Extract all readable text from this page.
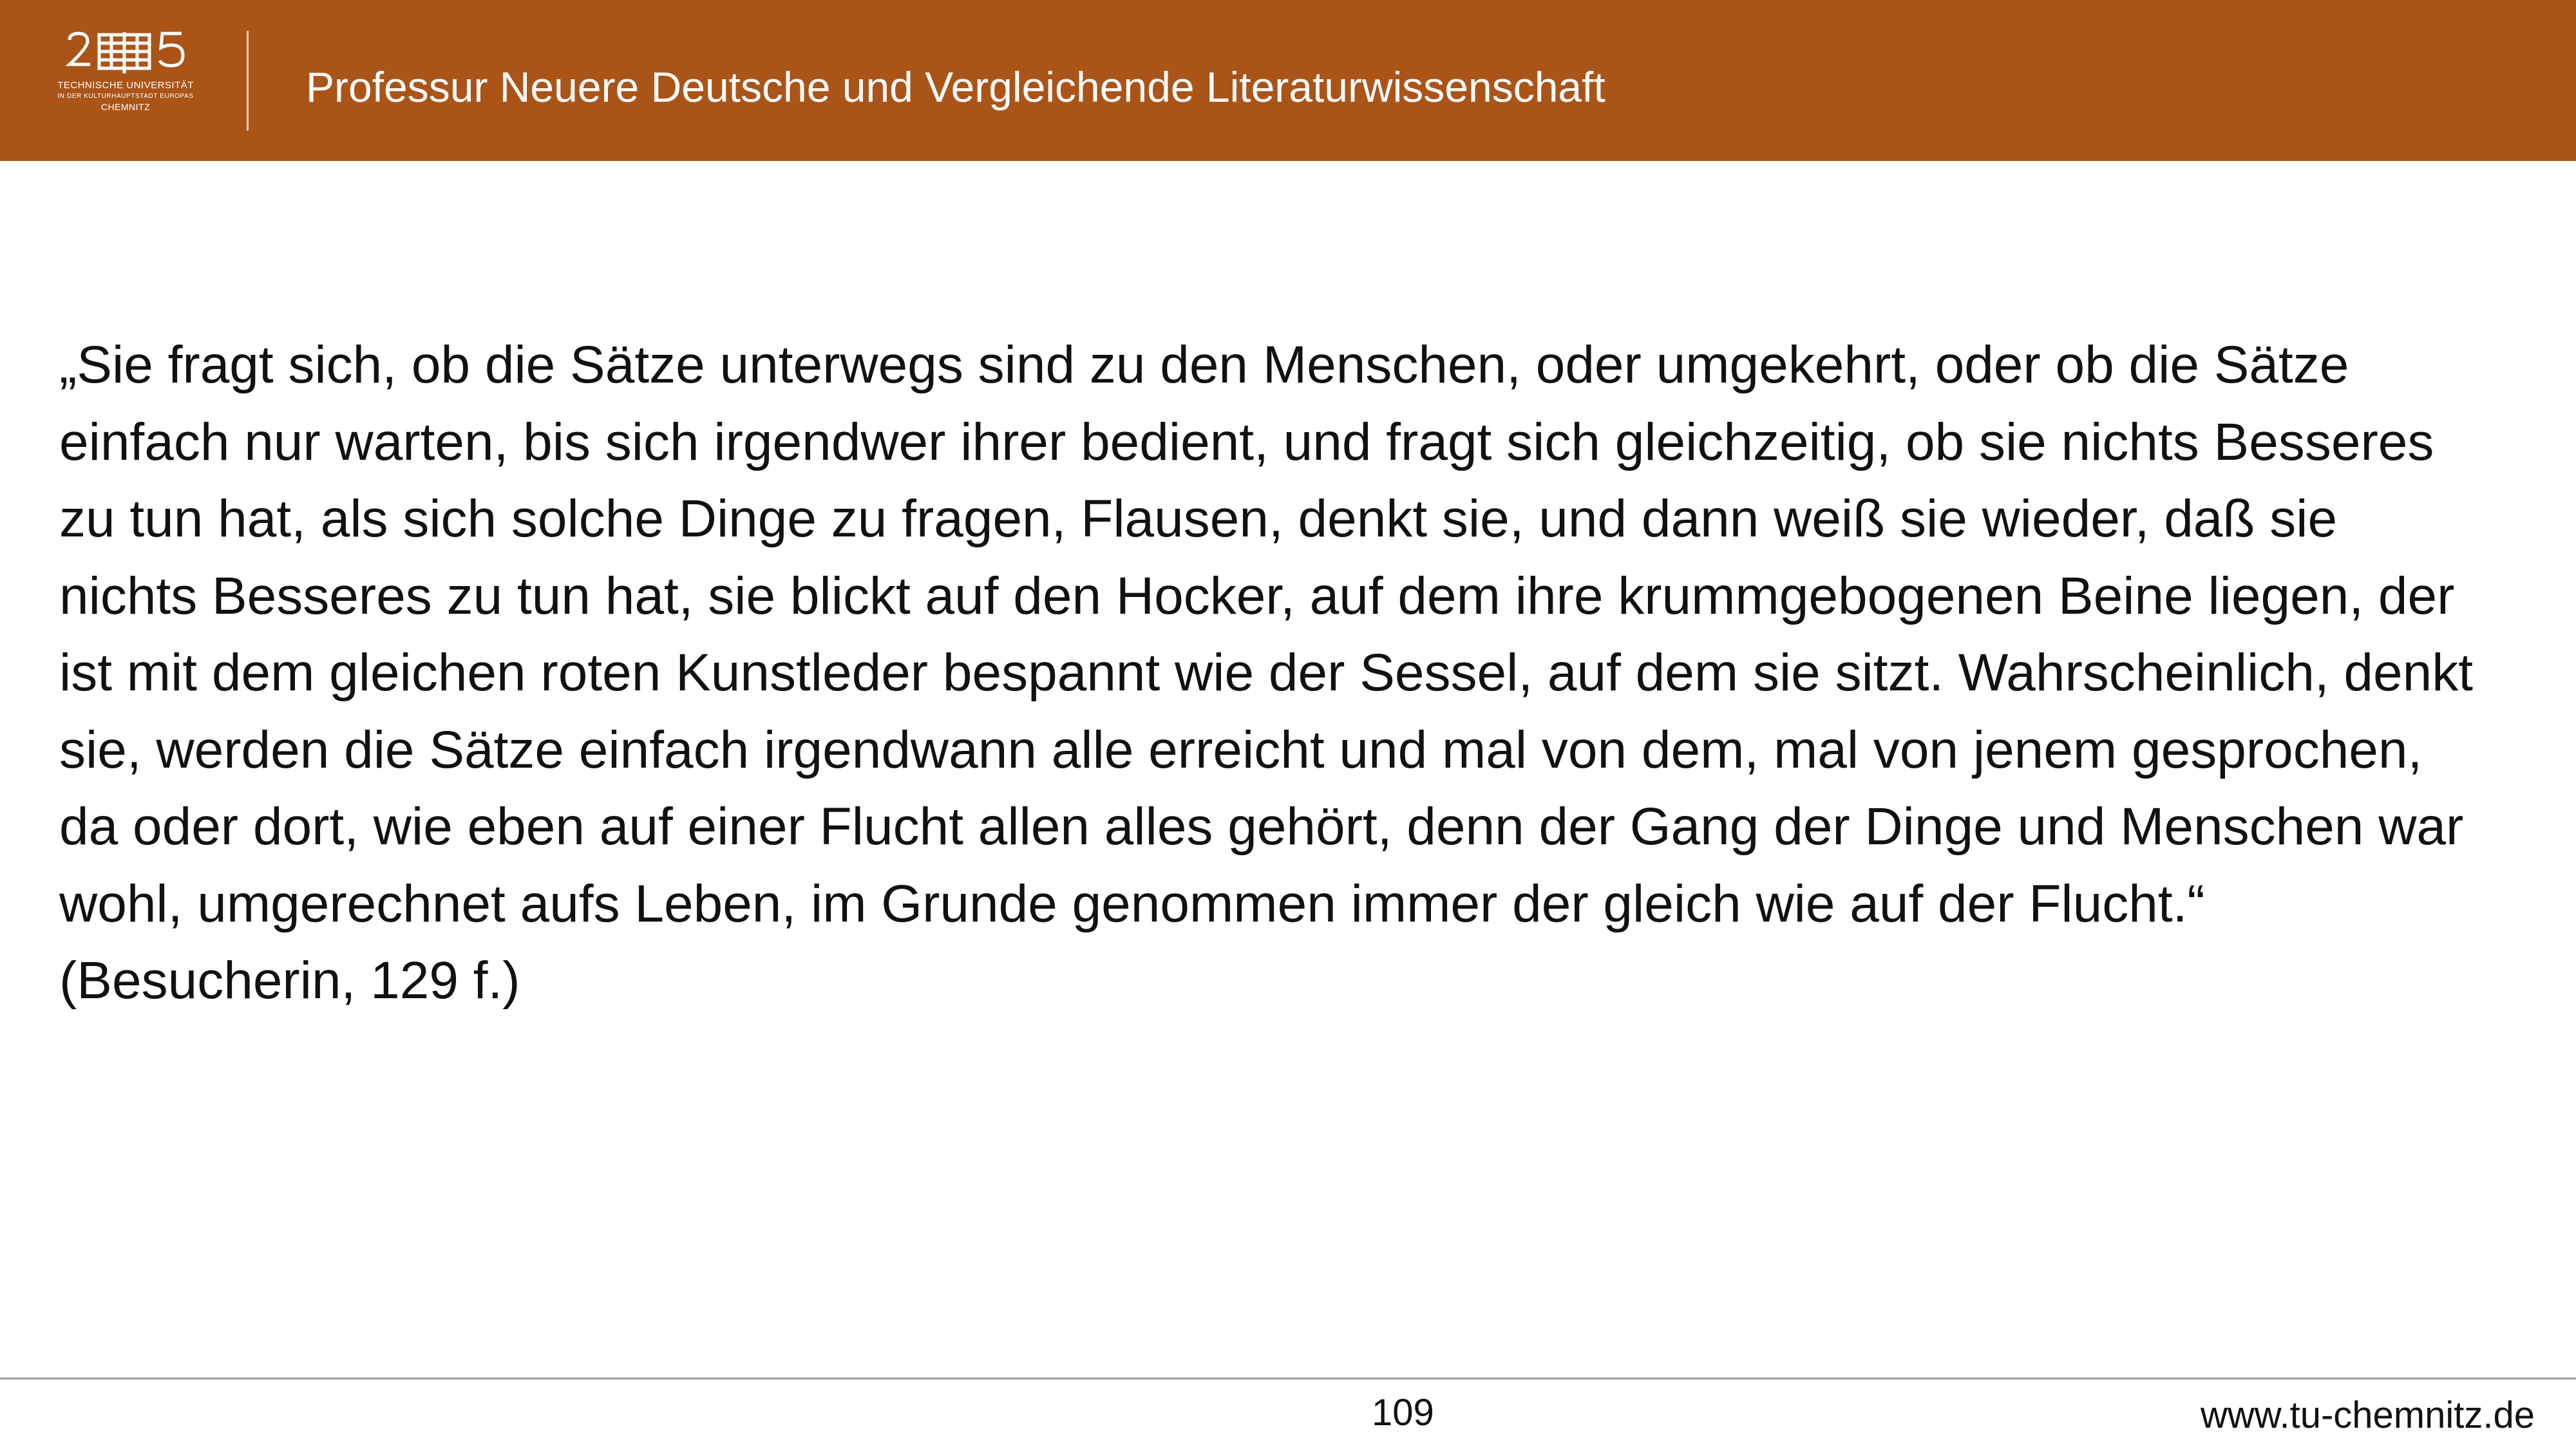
TECHNISCHE UNIVERSITÄT
IN DER KULTURHAUPTSTADT EUROPAS
CHEMNITZ	Professur Neuere Deutsche und Vergleichende Literaturwissenschaft
„Sie fragt sich, ob die Sätze unterwegs sind zu den Menschen, oder umgekehrt, oder ob die Sätze
einfach nur warten, bis sich irgendwer ihrer bedient, und fragt sich gleichzeitig, ob sie nichts Besseres
zu tun hat, als sich solche Dinge zu fragen, Flausen, denkt sie, und dann weiß sie wieder, daß sie
nichts Besseres zu tun hat, sie blickt auf den Hocker, auf dem ihre krummgebogenen Beine liegen, der
ist mit dem gleichen roten Kunstleder bespannt wie der Sessel, auf dem sie sitzt. Wahrscheinlich, denkt
sie, werden die Sätze einfach irgendwann alle erreicht und mal von dem, mal von jenem gesprochen,
da oder dort, wie eben auf einer Flucht allen alles gehört, denn der Gang der Dinge und Menschen war
wohl, umgerechnet aufs Leben, im Grunde genommen immer der gleich wie auf der Flucht.“
(Besucherin, 129 f.)
109	www.tu-chemnitz.de
